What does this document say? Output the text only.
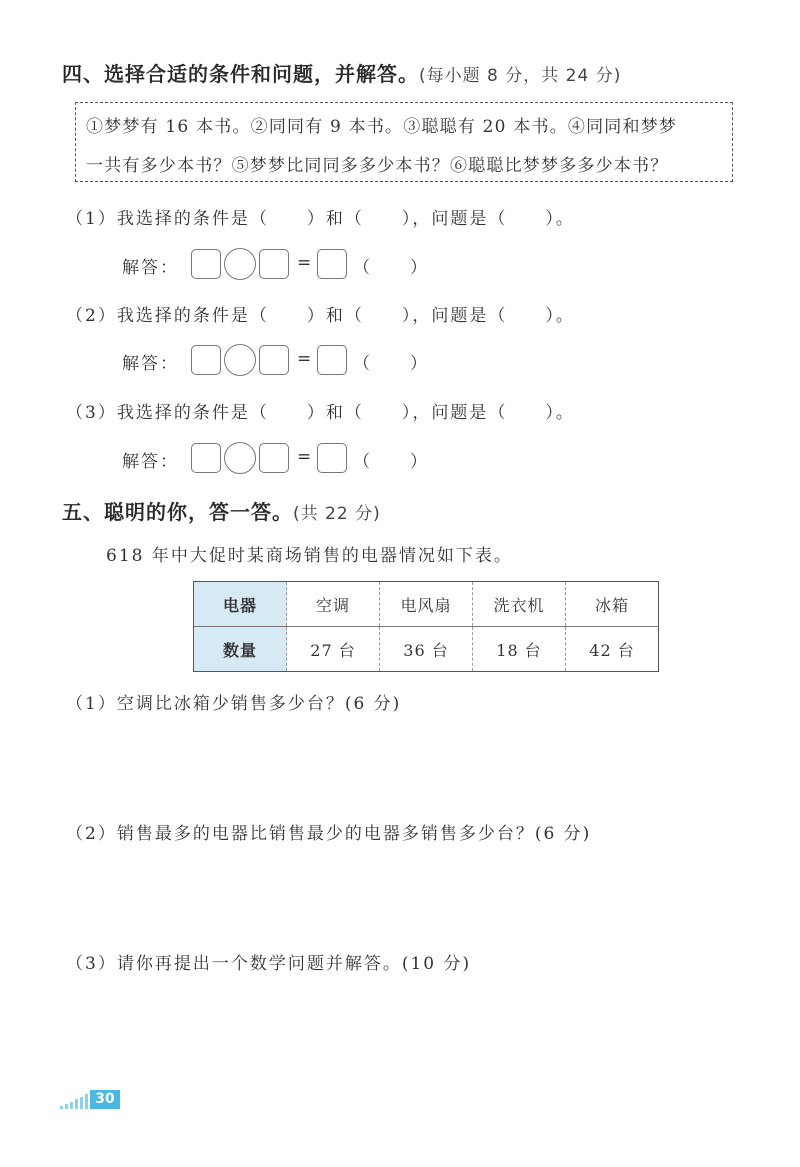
四、选择合适的条件和问题，并解答。(每小题 8 分，共 24 分)
①梦梦有 16 本书。②同同有 9 本书。③聪聪有 20 本书。④同同和梦梦
一共有多少本书？⑤梦梦比同同多多少本书？⑥聪聪比梦梦多多少本书？
（1）我选择的条件是（　　）和（　　），问题是（　　）。
解答：	= （　　）
（2）我选择的条件是（　　）和（　　），问题是（　　）。
解答：	= （　　）
（3）我选择的条件是（　　）和（　　），问题是（　　）。
解答：	= （　　）
五、聪明的你，答一答。(共 22 分)
618 年中大促时某商场销售的电器情况如下表。
电器	空调	电风扇	洗衣机	冰箱
数量	27 台	36 台	18 台	42 台
（1）空调比冰箱少销售多少台？(6 分)
（2）销售最多的电器比销售最少的电器多销售多少台？(6 分)
（3）请你再提出一个数学问题并解答。(10 分)
30
